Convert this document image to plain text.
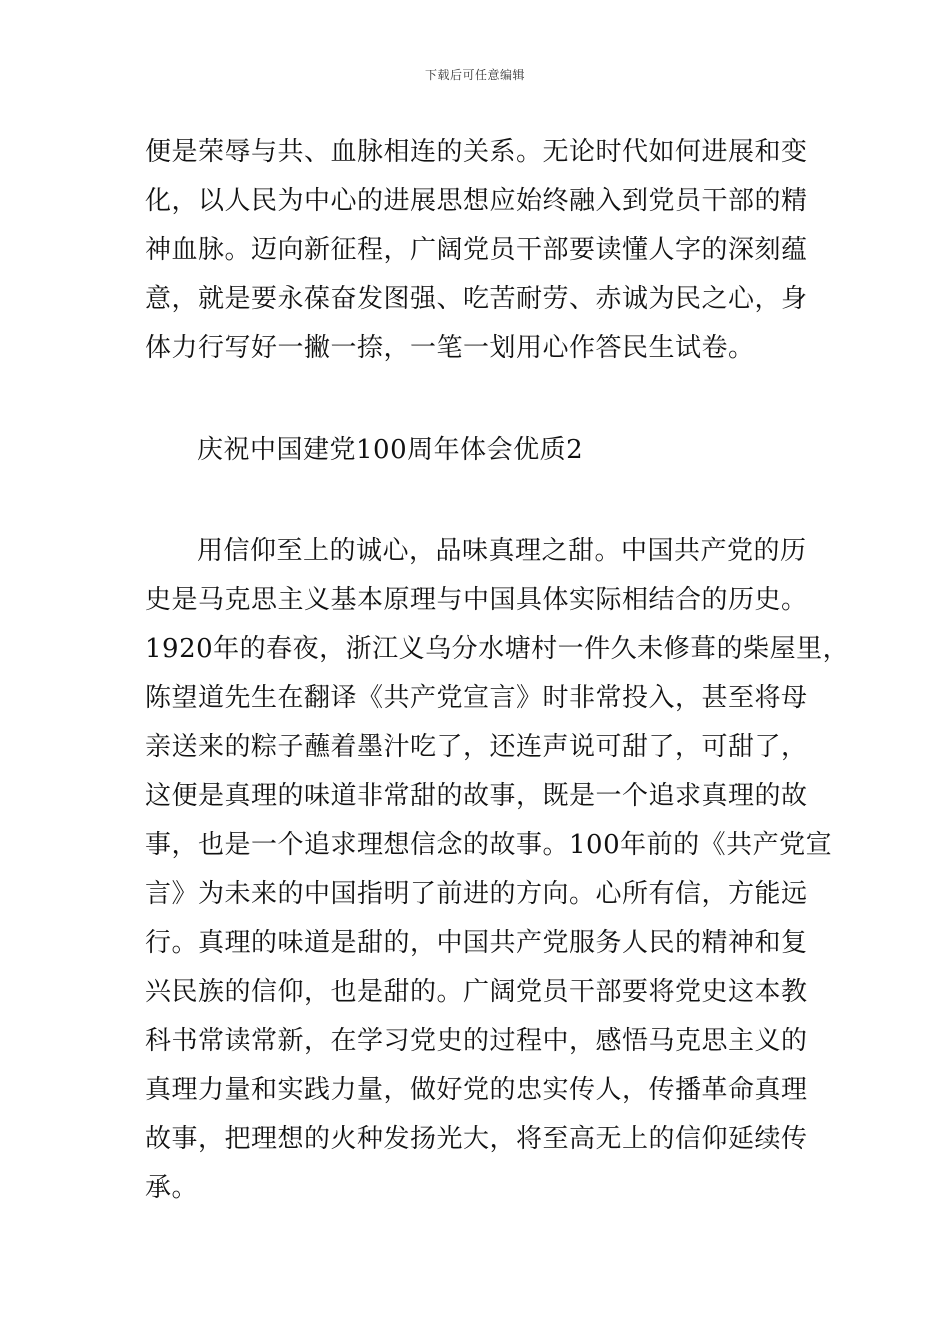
下载后可任意编辑
便是荣辱与共、血脉相连的关系。无论时代如何进展和变
化，以人民为中心的进展思想应始终融入到党员干部的精
神血脉。迈向新征程，广阔党员干部要读懂人字的深刻蕴
意，就是要永葆奋发图强、吃苦耐劳、赤诚为民之心，身
体力行写好一撇一捺，一笔一划用心作答民生试卷。
庆祝中国建党100周年体会优质2
用信仰至上的诚心，品味真理之甜。中国共产党的历
史是马克思主义基本原理与中国具体实际相结合的历史。
1920年的春夜，浙江义乌分水塘村一件久未修葺的柴屋里，
陈望道先生在翻译《共产党宣言》时非常投入，甚至将母
亲送来的粽子蘸着墨汁吃了，还连声说可甜了，可甜了，
这便是真理的味道非常甜的故事，既是一个追求真理的故
事，也是一个追求理想信念的故事。100年前的《共产党宣
言》为未来的中国指明了前进的方向。心所有信，方能远
行。真理的味道是甜的，中国共产党服务人民的精神和复
兴民族的信仰，也是甜的。广阔党员干部要将党史这本教
科书常读常新，在学习党史的过程中，感悟马克思主义的
真理力量和实践力量，做好党的忠实传人，传播革命真理
故事，把理想的火种发扬光大，将至高无上的信仰延续传
承。
